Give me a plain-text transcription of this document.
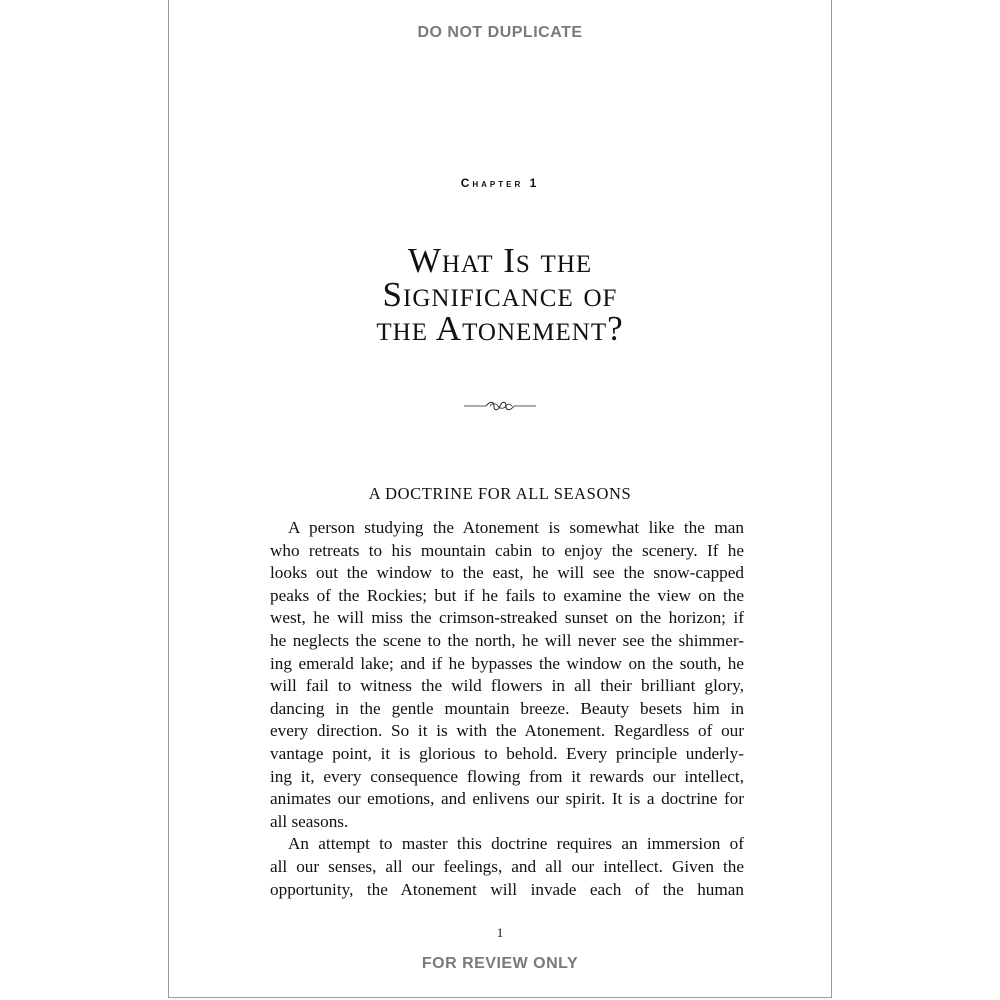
DO NOT DUPLICATE
Chapter 1
What Is the
Significance of
the Atonement?
A DOCTRINE FOR ALL SEASONS

A person studying the Atonement is somewhat like the man
who retreats to his mountain cabin to enjoy the scenery. If he
looks out the window to the east, he will see the snow-capped
peaks of the Rockies; but if he fails to examine the view on the
west, he will miss the crimson-streaked sunset on the horizon; if
he neglects the scene to the north, he will never see the shimmer-
ing emerald lake; and if he bypasses the window on the south, he
will fail to witness the wild flowers in all their brilliant glory,
dancing in the gentle mountain breeze. Beauty besets him in
every direction. So it is with the Atonement. Regardless of our
vantage point, it is glorious to behold. Every principle underly-
ing it, every consequence flowing from it rewards our intellect,
animates our emotions, and enlivens our spirit. It is a doctrine for
all seasons.

An attempt to master this doctrine requires an immersion of
all our senses, all our feelings, and all our intellect. Given the
opportunity, the Atonement will invade each of the human

1
FOR REVIEW ONLY
